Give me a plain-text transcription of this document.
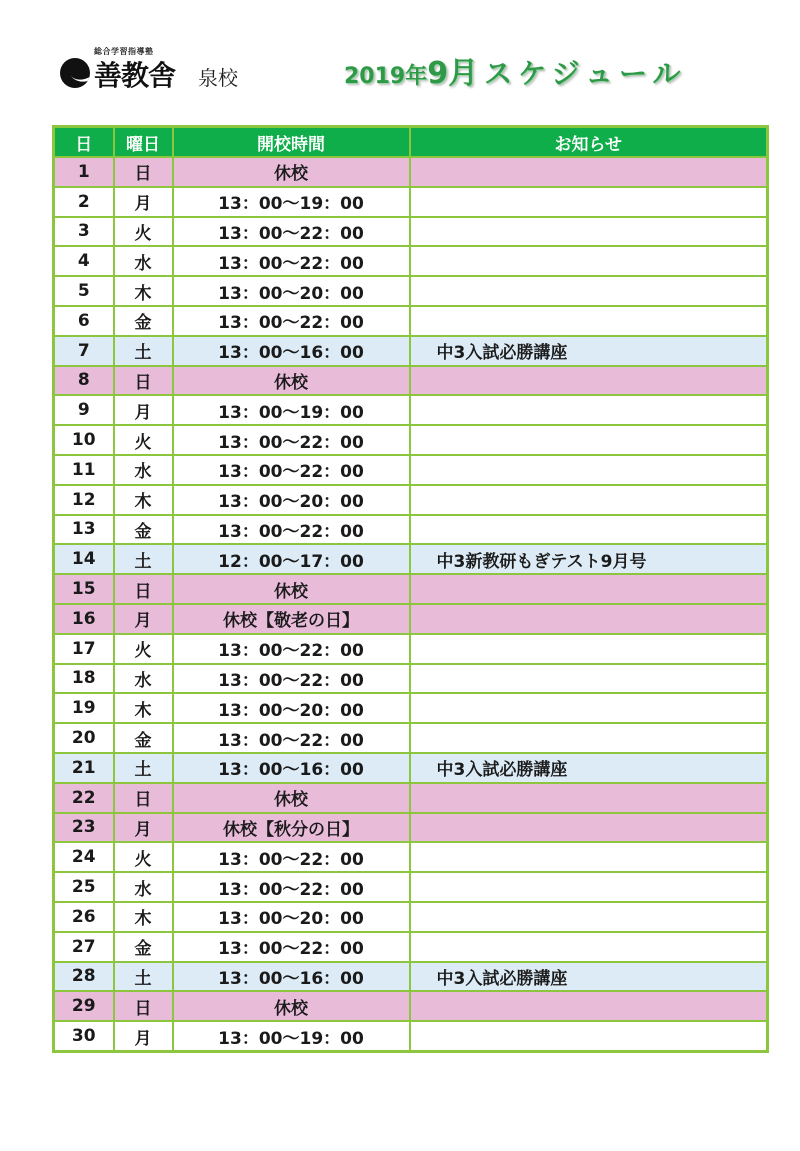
総合学習指導塾
善教舎 泉校	2019年9月 スケジュール
日	曜日	開校時間	お知らせ
1	日	休校	
2	月	13：00〜19：00	
3	火	13：00〜22：00	
4	水	13：00〜22：00	
5	木	13：00〜20：00	
6	金	13：00〜22：00	
7	土	13：00〜16：00	中3入試必勝講座
8	日	休校	
9	月	13：00〜19：00	
10	火	13：00〜22：00	
11	水	13：00〜22：00	
12	木	13：00〜20：00	
13	金	13：00〜22：00	
14	土	12：00〜17：00	中3新教研もぎテスト9月号
15	日	休校	
16	月	休校【敬老の日】	
17	火	13：00〜22：00	
18	水	13：00〜22：00	
19	木	13：00〜20：00	
20	金	13：00〜22：00	
21	土	13：00〜16：00	中3入試必勝講座
22	日	休校	
23	月	休校【秋分の日】	
24	火	13：00〜22：00	
25	水	13：00〜22：00	
26	木	13：00〜20：00	
27	金	13：00〜22：00	
28	土	13：00〜16：00	中3入試必勝講座
29	日	休校	
30	月	13：00〜19：00	
